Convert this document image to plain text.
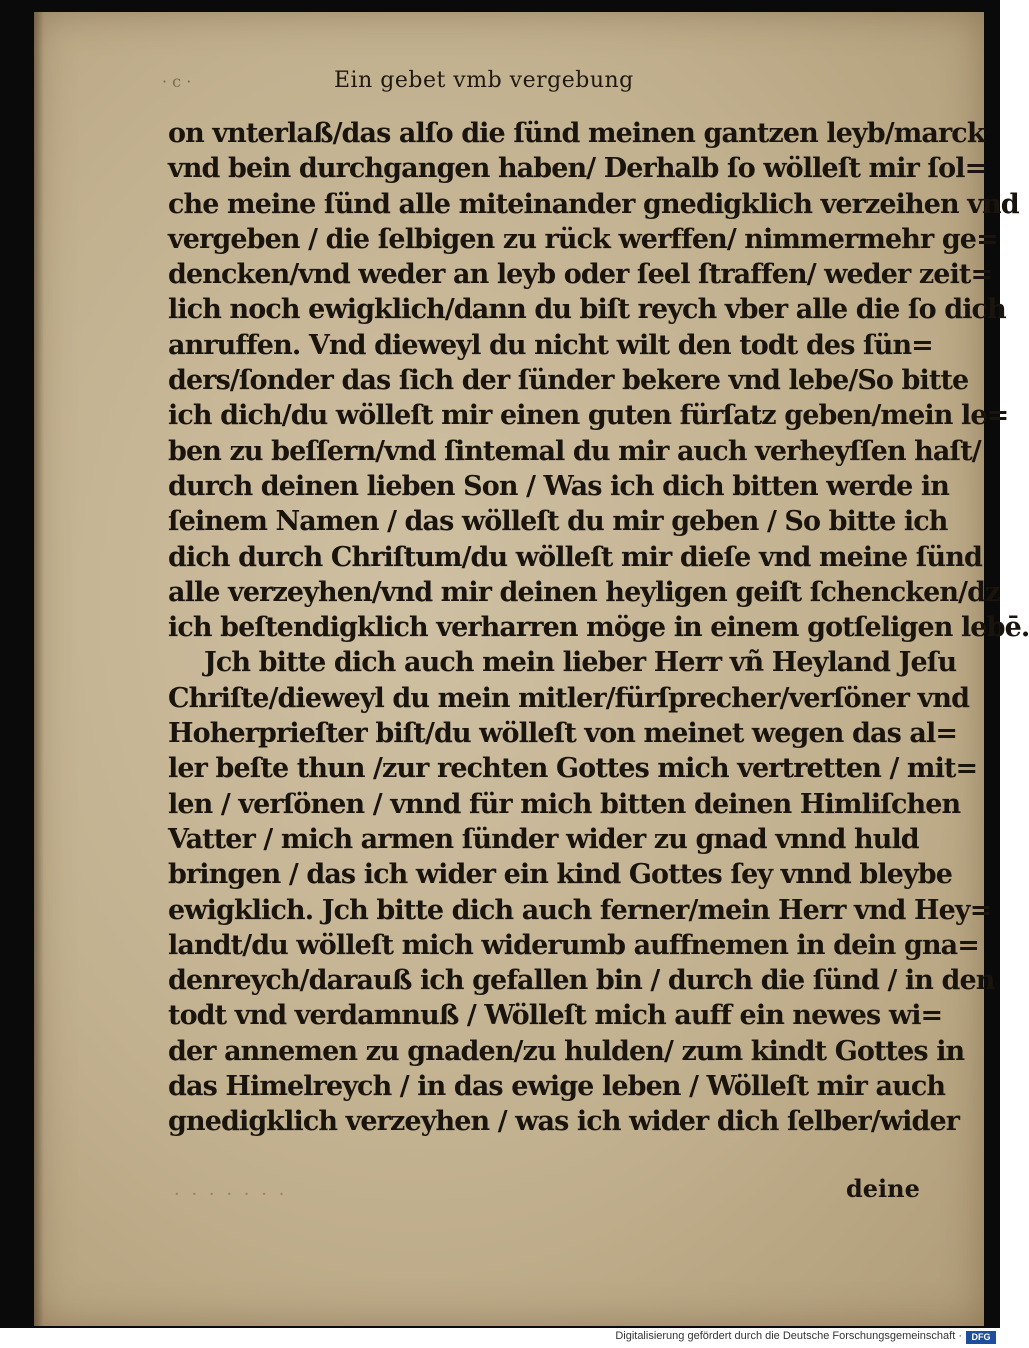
· c ·	Ein gebet vmb vergebung
on vnterlaß/das alſo die ſünd meinen gantzen leyb/marck
vnd bein durchgangen haben/ Derhalb ſo wölleſt mir ſol=
che meine ſünd alle miteinander gnedigklich verzeihen vnd
vergeben / die ſelbigen zu rück werffen/ nimmermehr ge=
dencken/vnd weder an leyb oder ſeel ſtraffen/ weder zeit=
lich noch ewigklich/dann du biſt reych vber alle die ſo dich
anruffen. Vnd dieweyl du nicht wilt den todt des ſün=
ders/ſonder das ſich der ſünder bekere vnd lebe/So bitte
ich dich/du wölleſt mir einen guten fürſatz geben/mein le=
ben zu beſſern/vnd ſintemal du mir auch verheyſſen haſt/
durch deinen lieben Son / Was ich dich bitten werde in
ſeinem Namen / das wölleſt du mir geben / So bitte ich
dich durch Chriſtum/du wölleſt mir dieſe vnd meine ſünd
alle verzeyhen/vnd mir deinen heyligen geiſt ſchencken/dz
ich beſtendigklich verharren möge in einem gotſeligen lebē.
Jch bitte dich auch mein lieber Herr vñ Heyland Jeſu
Chriſte/dieweyl du mein mitler/fürſprecher/verſöner vnd
Hoherprieſter biſt/du wölleſt von meinet wegen das al=
ler beſte thun /zur rechten Gottes mich vertretten / mit=
len / verſönen / vnnd für mich bitten deinen Himliſchen
Vatter / mich armen ſünder wider zu gnad vnnd huld
bringen / das ich wider ein kind Gottes ſey vnnd bleybe
ewigklich. Jch bitte dich auch ferner/mein Herr vnd Hey=
landt/du wölleſt mich widerumb auffnemen in dein gna=
denreych/darauß ich gefallen bin / durch die ſünd / in den
todt vnd verdamnuß / Wölleſt mich auff ein newes wi=
der annemen zu gnaden/zu hulden/ zum kindt Gottes in
das Himelreych / in das ewige leben / Wölleſt mir auch
gnedigklich verzeyhen / was ich wider dich ſelber/wider
· · · · · · ·	deine
Digitalisierung gefördert durch die Deutsche Forschungsgemeinschaft ·	DFG
